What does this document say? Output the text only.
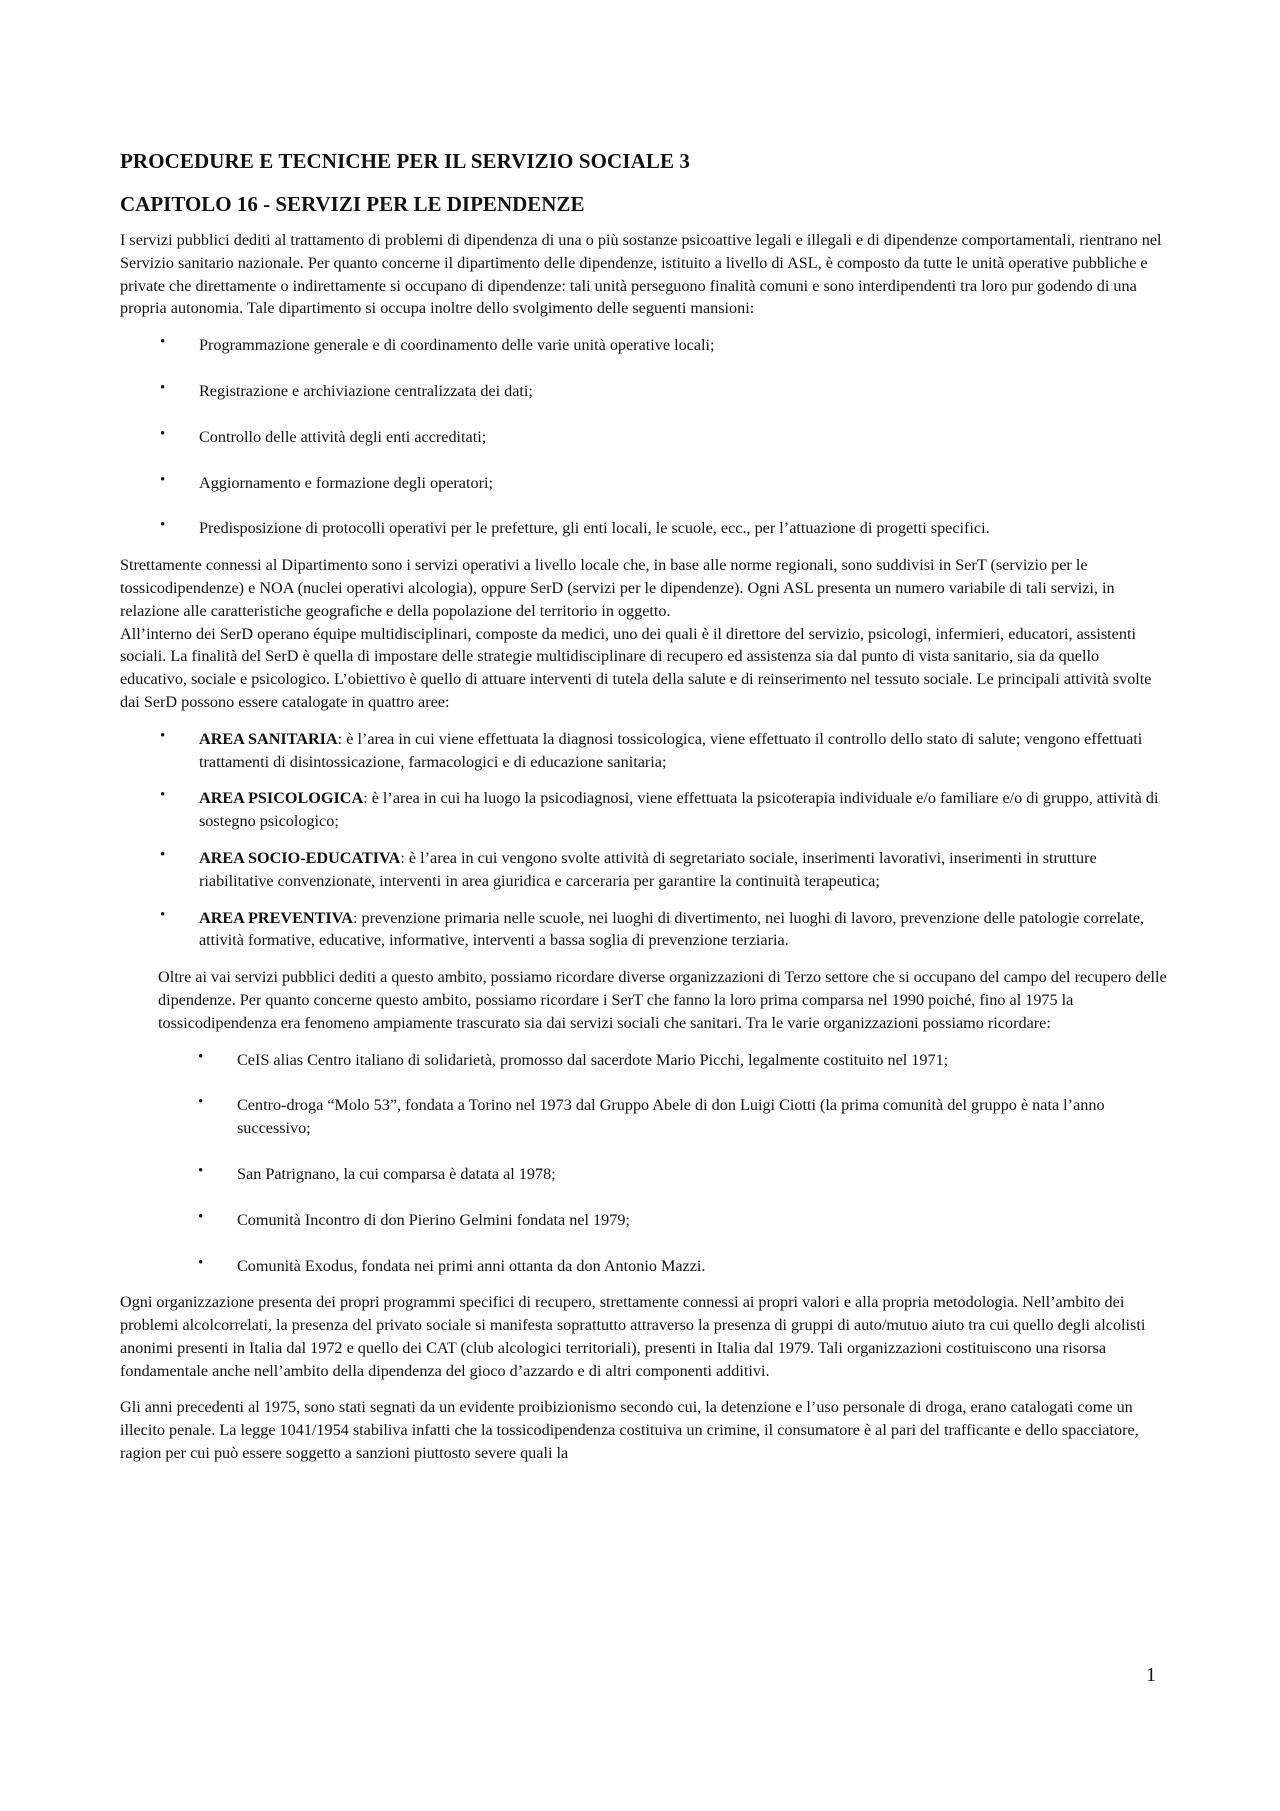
PROCEDURE E TECNICHE PER IL SERVIZIO SOCIALE 3
CAPITOLO 16 - SERVIZI PER LE DIPENDENZE

I servizi pubblici dediti al trattamento di problemi di dipendenza di una o più sostanze psicoattive legali e illegali e di dipendenze comportamentali, rientrano nel Servizio sanitario nazionale. Per quanto concerne il dipartimento delle dipendenze, istituito a livello di ASL, è composto da tutte le unità operative pubbliche e private che direttamente o indirettamente si occupano di dipendenze: tali unità perseguono finalità comuni e sono interdipendenti tra loro pur godendo di una propria autonomia. Tale dipartimento si occupa inoltre dello svolgimento delle seguenti mansioni:

• Programmazione generale e di coordinamento delle varie unità operative locali;
• Registrazione e archiviazione centralizzata dei dati;
• Controllo delle attività degli enti accreditati;
• Aggiornamento e formazione degli operatori;
• Predisposizione di protocolli operativi per le prefetture, gli enti locali, le scuole, ecc., per l’attuazione di progetti specifici.

Strettamente connessi al Dipartimento sono i servizi operativi a livello locale che, in base alle norme regionali, sono suddivisi in SerT (servizio per le tossicodipendenze) e NOA (nuclei operativi alcologia), oppure SerD (servizi per le dipendenze). Ogni ASL presenta un numero variabile di tali servizi, in relazione alle caratteristiche geografiche e della popolazione del territorio in oggetto.

All’interno dei SerD operano équipe multidisciplinari, composte da medici, uno dei quali è il direttore del servizio, psicologi, infermieri, educatori, assistenti sociali. La finalità del SerD è quella di impostare delle strategie multidisciplinare di recupero ed assistenza sia dal punto di vista sanitario, sia da quello educativo, sociale e psicologico. L’obiettivo è quello di attuare interventi di tutela della salute e di reinserimento nel tessuto sociale. Le principali attività svolte dai SerD possono essere catalogate in quattro aree:

• AREA SANITARIA: è l’area in cui viene effettuata la diagnosi tossicologica, viene effettuato il controllo dello stato di salute; vengono effettuati trattamenti di disintossicazione, farmacologici e di educazione sanitaria;
• AREA PSICOLOGICA: è l’area in cui ha luogo la psicodiagnosi, viene effettuata la psicoterapia individuale e/o familiare e/o di gruppo, attività di sostegno psicologico;
• AREA SOCIO-EDUCATIVA: è l’area in cui vengono svolte attività di segretariato sociale, inserimenti lavorativi, inserimenti in strutture riabilitative convenzionate, interventi in area giuridica e carceraria per garantire la continuità terapeutica;
• AREA PREVENTIVA: prevenzione primaria nelle scuole, nei luoghi di divertimento, nei luoghi di lavoro, prevenzione delle patologie correlate, attività formative, educative, informative, interventi a bassa soglia di prevenzione terziaria.

Oltre ai vai servizi pubblici dediti a questo ambito, possiamo ricordare diverse organizzazioni di Terzo settore che si occupano del campo del recupero delle dipendenze. Per quanto concerne questo ambito, possiamo ricordare i SerT che fanno la loro prima comparsa nel 1990 poiché, fino al 1975 la tossicodipendenza era fenomeno ampiamente trascurato sia dai servizi sociali che sanitari. Tra le varie organizzazioni possiamo ricordare:

• CeIS alias Centro italiano di solidarietà, promosso dal sacerdote Mario Picchi, legalmente costituito nel 1971;
• Centro-droga “Molo 53”, fondata a Torino nel 1973 dal Gruppo Abele di don Luigi Ciotti (la prima comunità del gruppo è nata l’anno successivo;
• San Patrignano, la cui comparsa è datata al 1978;
• Comunità Incontro di don Pierino Gelmini fondata nel 1979;
• Comunità Exodus, fondata nei primi anni ottanta da don Antonio Mazzi.

Ogni organizzazione presenta dei propri programmi specifici di recupero, strettamente connessi ai propri valori e alla propria metodologia. Nell’ambito dei problemi alcolcorrelati, la presenza del privato sociale si manifesta soprattutto attraverso la presenza di gruppi di auto/mutuo aiuto tra cui quello degli alcolisti anonimi presenti in Italia dal 1972 e quello dei CAT (club alcologici territoriali), presenti in Italia dal 1979. Tali organizzazioni costituiscono una risorsa fondamentale anche nell’ambito della dipendenza del gioco d’azzardo e di altri componenti additivi.

Gli anni precedenti al 1975, sono stati segnati da un evidente proibizionismo secondo cui, la detenzione e l’uso personale di droga, erano catalogati come un illecito penale. La legge 1041/1954 stabiliva infatti che la tossicodipendenza costituiva un crimine, il consumatore è al pari del trafficante e dello spacciatore, ragion per cui può essere soggetto a sanzioni piuttosto severe quali la

1
